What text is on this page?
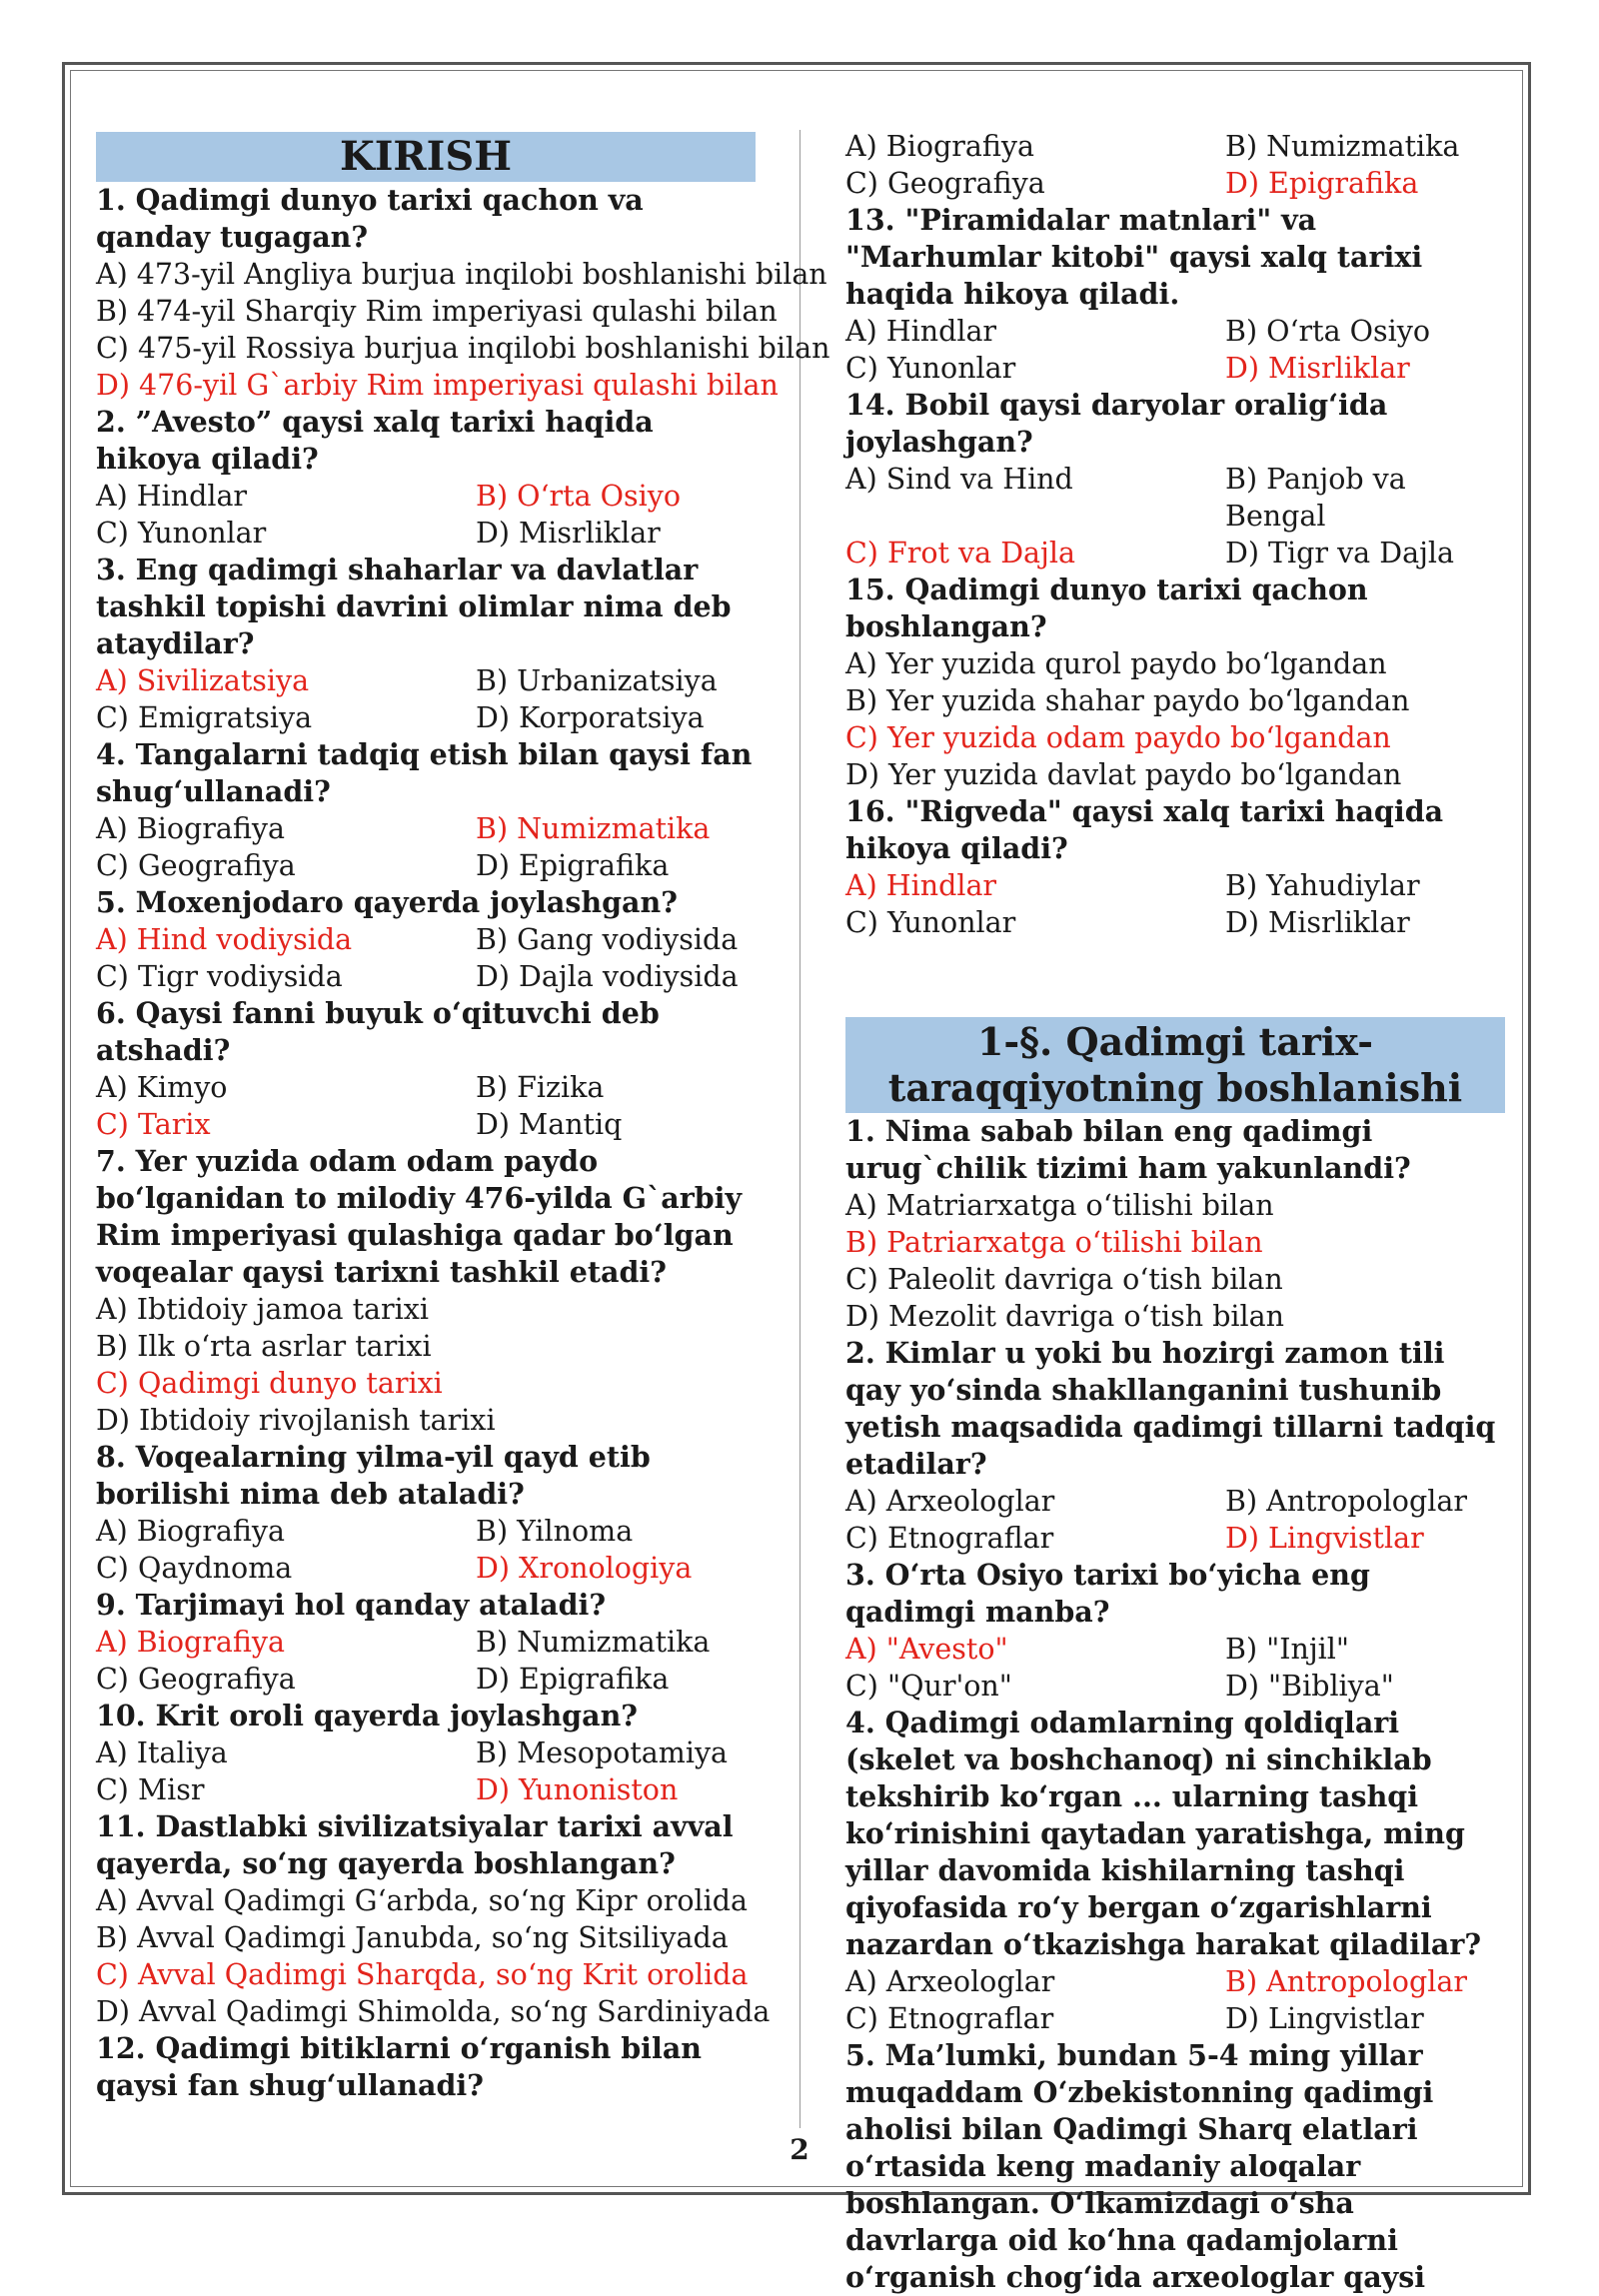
KIRISH
1. Qadimgi dunyo tarixi qachon va qanday tugagan?
A) 473-yil Angliya burjua inqilobi boshlanishi bilan
B) 474-yil Sharqiy Rim imperiyasi qulashi bilan
C) 475-yil Rossiya burjua inqilobi boshlanishi bilan
D) 476-yil G`arbiy Rim imperiyasi qulashi bilan
2. ”Avesto” qaysi xalq tarixi haqida hikoya qiladi?
A) Hindlar	B) O‘rta Osiyo
C) Yunonlar	D) Misrliklar
3. Eng qadimgi shaharlar va davlatlar tashkil topishi davrini olimlar nima deb ataydilar?
A) Sivilizatsiya	B) Urbanizatsiya
C) Emigratsiya	D) Korporatsiya
4. Tangalarni tadqiq etish bilan qaysi fan shug‘ullanadi?
A) Biografiya	B) Numizmatika
C) Geografiya	D) Epigrafika
5. Moxenjodaro qayerda joylashgan?
A) Hind vodiysida	B) Gang vodiysida
C) Tigr vodiysida	D) Dajla vodiysida
6. Qaysi fanni buyuk o‘qituvchi deb atshadi?
A) Kimyo	B) Fizika
C) Tarix	D) Mantiq
7. Yer yuzida odam odam paydo bo‘lganidan to milodiy 476-yilda G`arbiy Rim imperiyasi qulashiga qadar bo‘lgan voqealar qaysi tarixni tashkil etadi?
A) Ibtidoiy jamoa tarixi
B) Ilk o‘rta asrlar tarixi
C) Qadimgi dunyo tarixi
D) Ibtidoiy rivojlanish tarixi
8. Voqealarning yilma-yil qayd etib borilishi nima deb ataladi?
A) Biografiya	B) Yilnoma
C) Qaydnoma	D) Xronologiya
9. Tarjimayi hol qanday ataladi?
A) Biografiya	B) Numizmatika
C) Geografiya	D) Epigrafika
10. Krit oroli qayerda joylashgan?
A) Italiya	B) Mesopotamiya
C) Misr	D) Yunoniston
11. Dastlabki sivilizatsiyalar tarixi avval qayerda, so‘ng qayerda boshlangan?
A) Avval Qadimgi G‘arbda, so‘ng Kipr orolida
B) Avval Qadimgi Janubda, so‘ng Sitsiliyada
C) Avval Qadimgi Sharqda, so‘ng Krit orolida
D) Avval Qadimgi Shimolda, so‘ng Sardiniyada
12. Qadimgi bitiklarni o‘rganish bilan qaysi fan shug‘ullanadi?
A) Biografiya	B) Numizmatika
C) Geografiya	D) Epigrafika
13. "Piramidalar matnlari" va "Marhumlar kitobi" qaysi xalq tarixi haqida hikoya qiladi.
A) Hindlar	B) O‘rta Osiyo
C) Yunonlar	D) Misrliklar
14. Bobil qaysi daryolar oralig‘ida joylashgan?
A) Sind va Hind	B) Panjob va Bengal
C) Frot va Dajla	D) Tigr va Dajla
15. Qadimgi dunyo tarixi qachon boshlangan?
A) Yer yuzida qurol paydo bo‘lgandan
B) Yer yuzida shahar paydo bo‘lgandan
C) Yer yuzida odam paydo bo‘lgandan
D) Yer yuzida davlat paydo bo‘lgandan
16. "Rigveda" qaysi xalq tarixi haqida hikoya qiladi?
A) Hindlar	B) Yahudiylar
C) Yunonlar	D) Misrliklar
1-§. Qadimgi tarix-taraqqiyotning boshlanishi
1. Nima sabab bilan eng qadimgi urug`chilik tizimi ham yakunlandi?
A) Matriarxatga o‘tilishi bilan
B) Patriarxatga o‘tilishi bilan
C) Paleolit davriga o‘tish bilan
D) Mezolit davriga o‘tish bilan
2. Kimlar u yoki bu hozirgi zamon tili qay yo‘sinda shakllanganini tushunib yetish maqsadida qadimgi tillarni tadqiq etadilar?
A) Arxeologlar	B) Antropologlar
C) Etnograflar	D) Lingvistlar
3. O‘rta Osiyo tarixi bo‘yicha eng qadimgi manba?
A) "Avesto"	B) "Injil"
C) "Qur'on"	D) "Bibliya"
4. Qadimgi odamlarning qoldiqlari (skelet va boshchanoq) ni sinchiklab tekshirib ko‘rgan ... ularning tashqi ko‘rinishini qaytadan yaratishga, ming yillar davomida kishilarning tashqi qiyofasida ro‘y bergan o‘zgarishlarni nazardan o‘tkazishga harakat qiladilar?
A) Arxeologlar	B) Antropologlar
C) Etnograflar	D) Lingvistlar
5. Ma’lumki, bundan 5-4 ming yillar muqaddam O‘zbekistonning qadimgi aholisi bilan Qadimgi Sharq elatlari o‘rtasida keng madaniy aloqalar boshlangan. O‘lkamizdagi o‘sha davrlarga oid ko‘hna qadamjolarni o‘rganish chog‘ida arxeologlar qaysi
2
